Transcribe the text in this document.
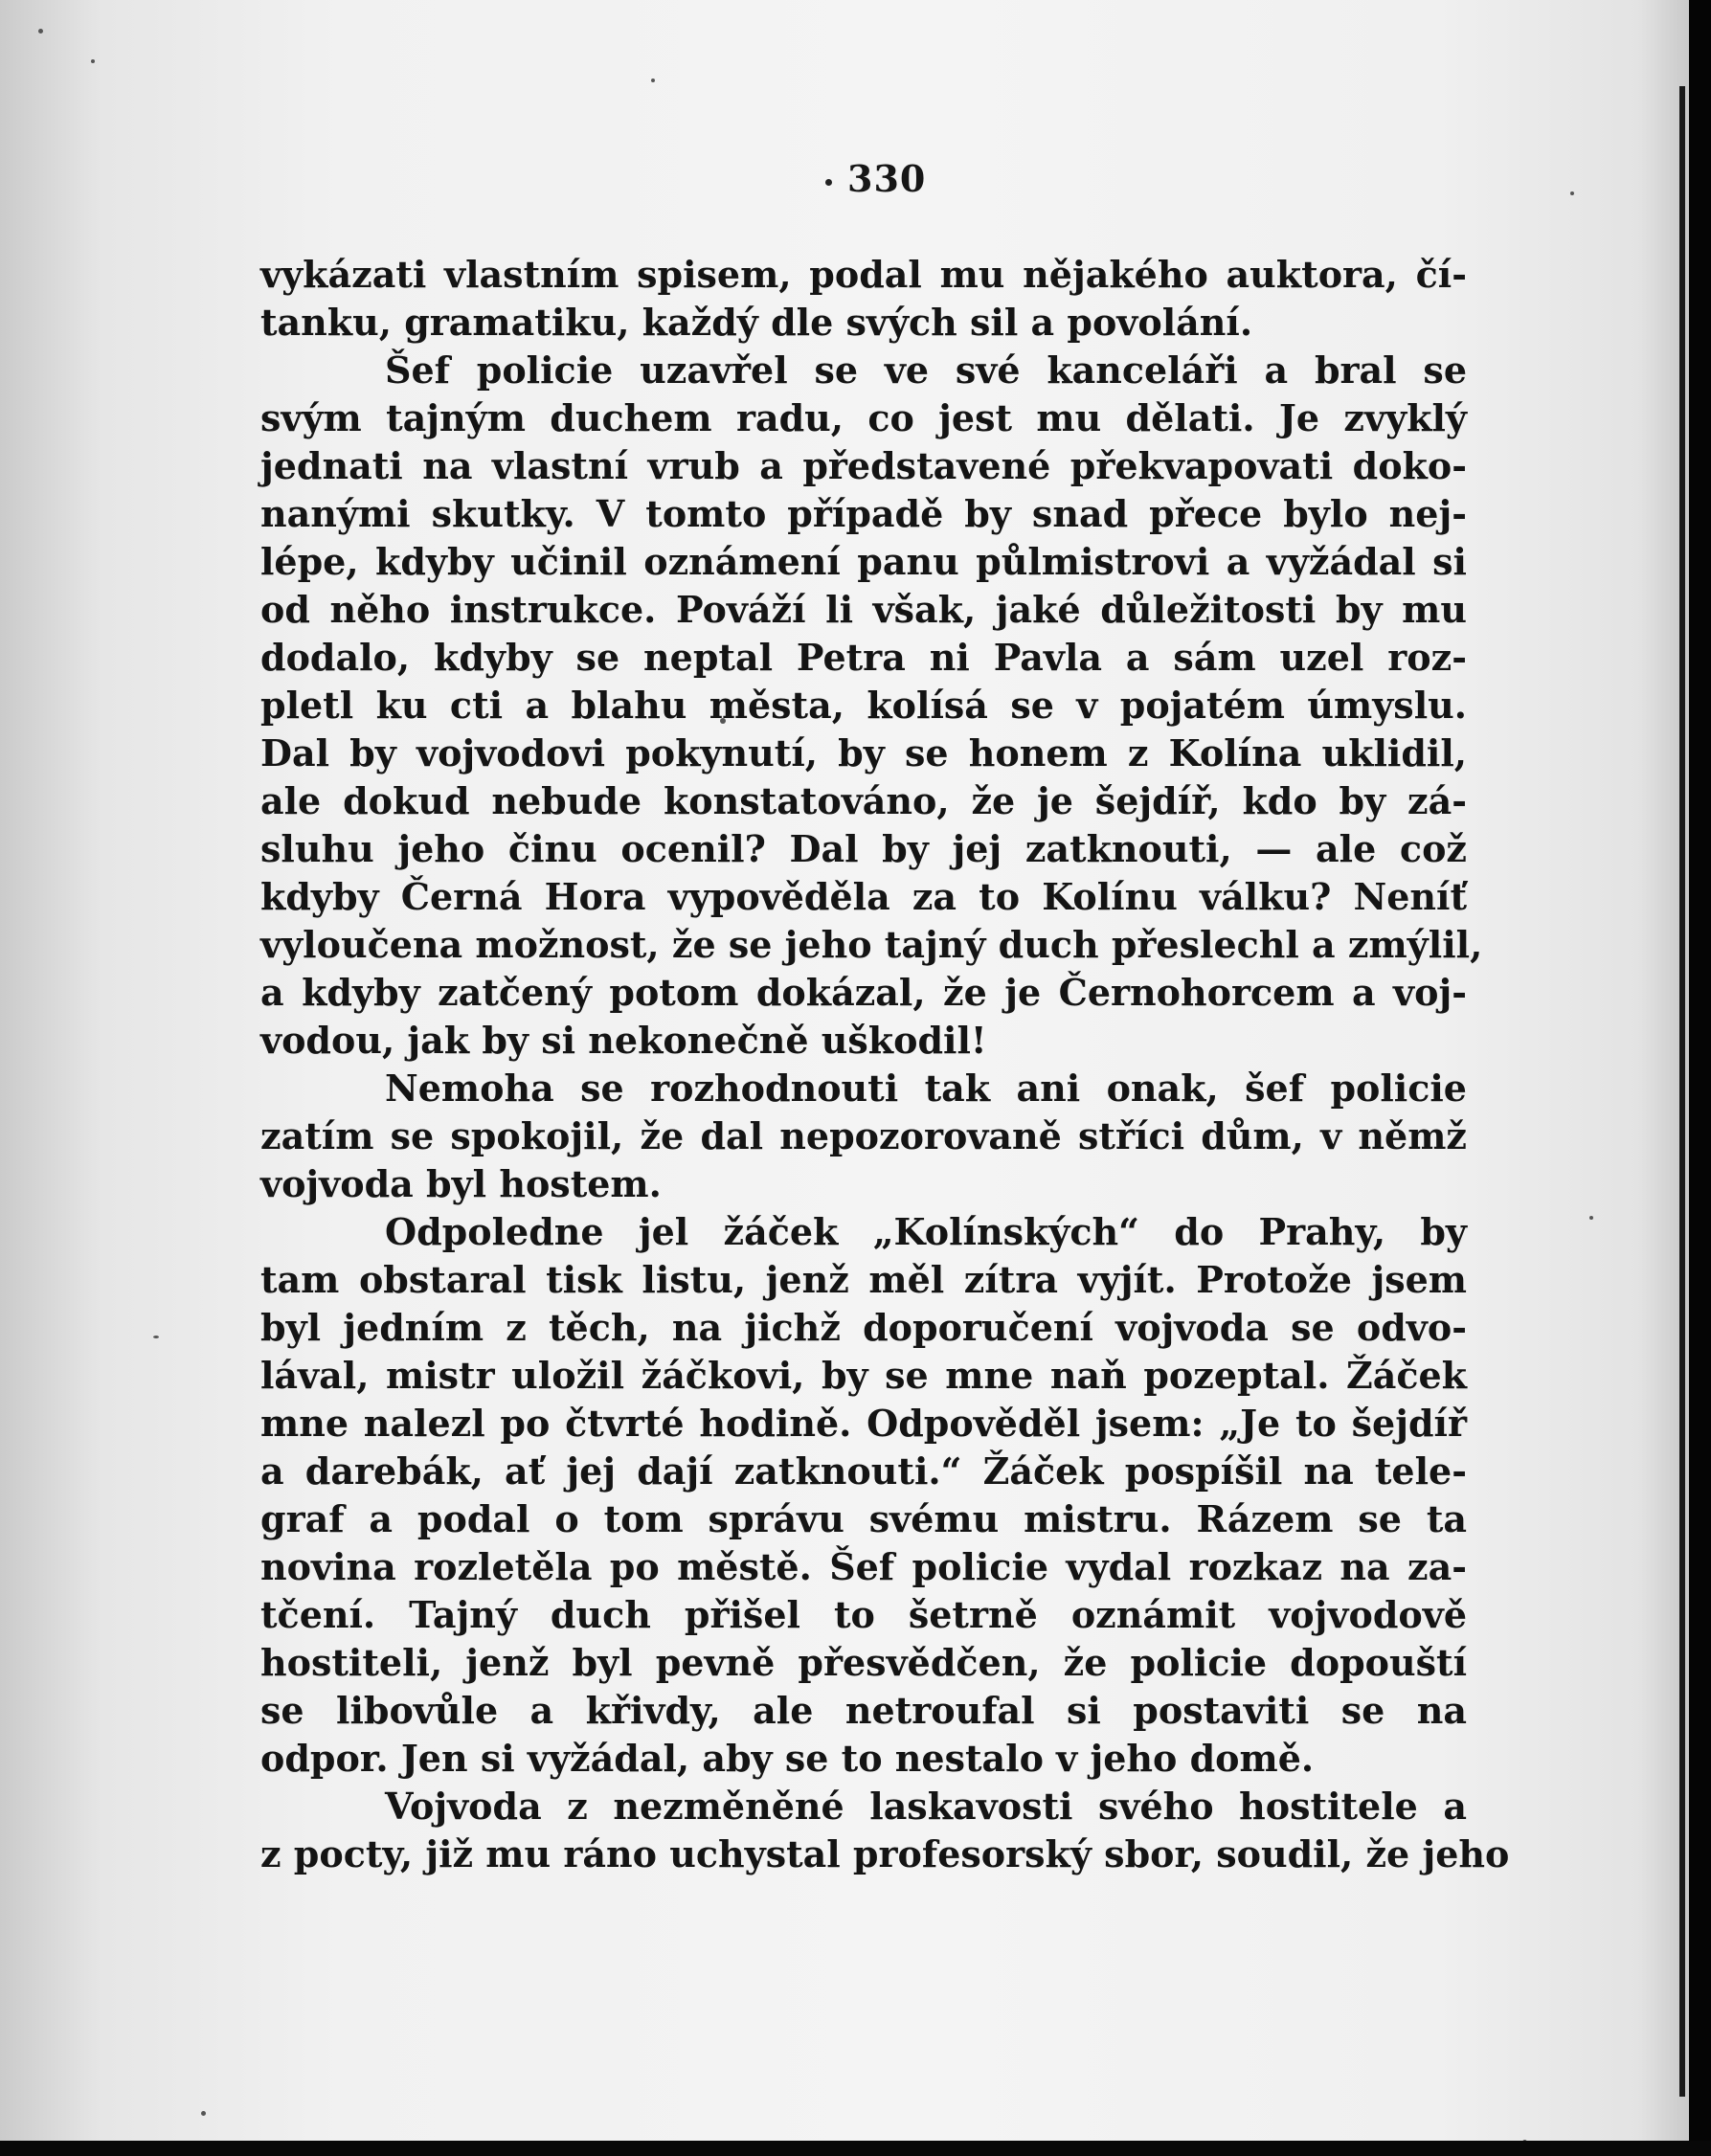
330
vykázati vlastním spisem, podal mu nějakého auktora, čí-
tanku, gramatiku, každý dle svých sil a povolání.
Šef policie uzavřel se ve své kanceláři a bral se
svým tajným duchem radu, co jest mu dělati. Je zvyklý
jednati na vlastní vrub a představené překvapovati doko-
nanými skutky. V tomto případě by snad přece bylo nej-
lépe, kdyby učinil oznámení panu půlmistrovi a vyžádal si
od něho instrukce. Pováží li však, jaké důležitosti by mu
dodalo, kdyby se neptal Petra ni Pavla a sám uzel roz-
pletl ku cti a blahu města, kolísá se v pojatém úmyslu.
Dal by vojvodovi pokynutí, by se honem z Kolína uklidil,
ale dokud nebude konstatováno, že je šejdíř, kdo by zá-
sluhu jeho činu ocenil? Dal by jej zatknouti, — ale což
kdyby Černá Hora vypověděla za to Kolínu válku? Neníť
vyloučena možnost, že se jeho tajný duch přeslechl a zmýlil,
a kdyby zatčený potom dokázal, že je Černohorcem a voj-
vodou, jak by si nekonečně uškodil!
Nemoha se rozhodnouti tak ani onak, šef policie
zatím se spokojil, že dal nepozorovaně stříci dům, v němž
vojvoda byl hostem.
Odpoledne jel žáček „Kolínských“ do Prahy, by
tam obstaral tisk listu, jenž měl zítra vyjít. Protože jsem
byl jedním z těch, na jichž doporučení vojvoda se odvo-
lával, mistr uložil žáčkovi, by se mne naň pozeptal. Žáček
mne nalezl po čtvrté hodině. Odpověděl jsem: „Je to šejdíř
a darebák, ať jej dají zatknouti.“ Žáček pospíšil na tele-
graf a podal o tom správu svému mistru. Rázem se ta
novina rozletěla po městě. Šef policie vydal rozkaz na za-
tčení. Tajný duch přišel to šetrně oznámit vojvodově
hostiteli, jenž byl pevně přesvědčen, že policie dopouští
se libovůle a křivdy, ale netroufal si postaviti se na
odpor. Jen si vyžádal, aby se to nestalo v jeho domě.
Vojvoda z nezměněné laskavosti svého hostitele a
z pocty, již mu ráno uchystal profesorský sbor, soudil, že jeho
